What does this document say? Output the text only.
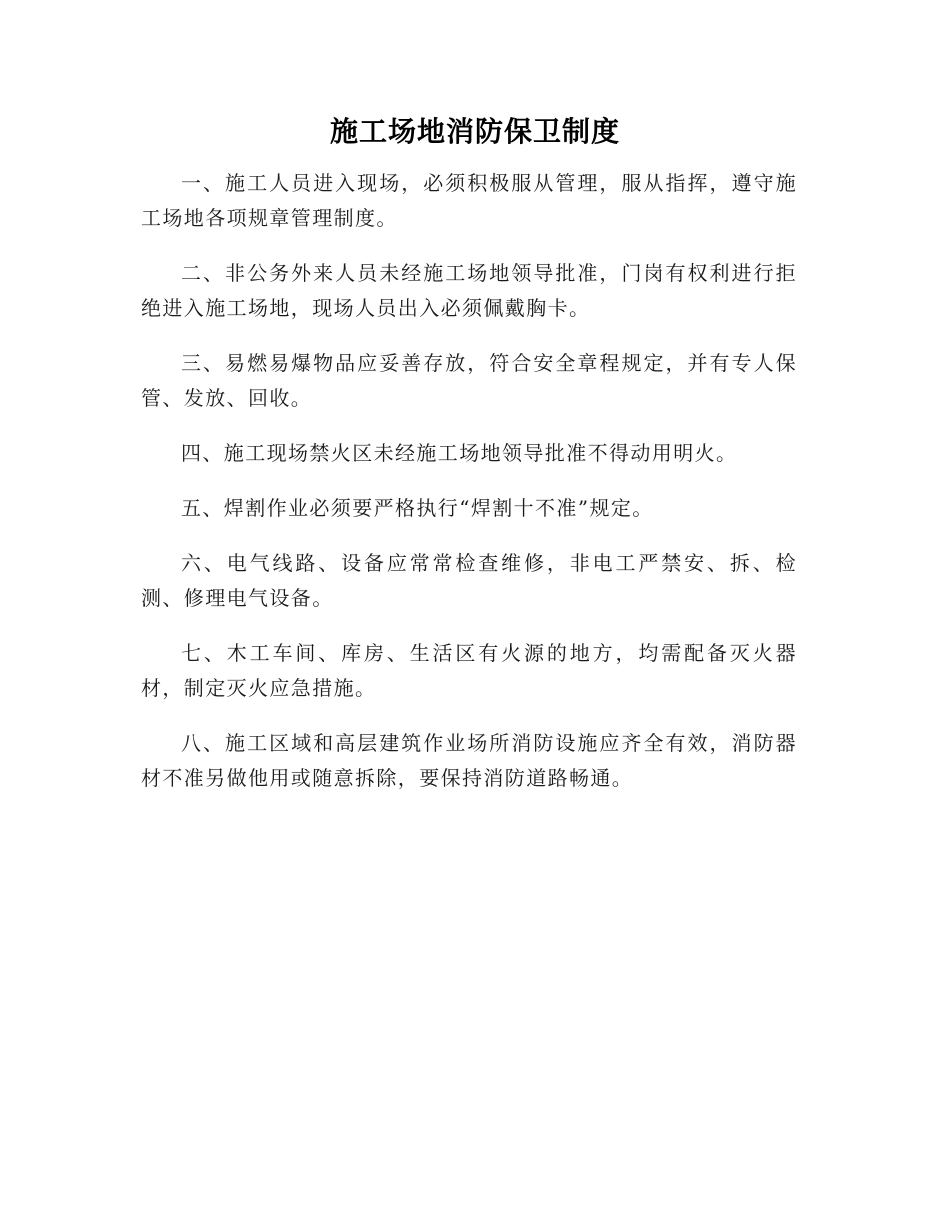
施工场地消防保卫制度

一、施工人员进入现场，必须积极服从管理，服从指挥，遵守施工场地各项规章管理制度。

二、非公务外来人员未经施工场地领导批准，门岗有权利进行拒绝进入施工场地，现场人员出入必须佩戴胸卡。

三、易燃易爆物品应妥善存放，符合安全章程规定，并有专人保管、发放、回收。

四、施工现场禁火区未经施工场地领导批准不得动用明火。

五、焊割作业必须要严格执行“焊割十不准”规定。

六、电气线路、设备应常常检查维修，非电工严禁安、拆、检测、修理电气设备。

七、木工车间、库房、生活区有火源的地方，均需配备灭火器材，制定灭火应急措施。

八、施工区域和高层建筑作业场所消防设施应齐全有效，消防器材不准另做他用或随意拆除，要保持消防道路畅通。
